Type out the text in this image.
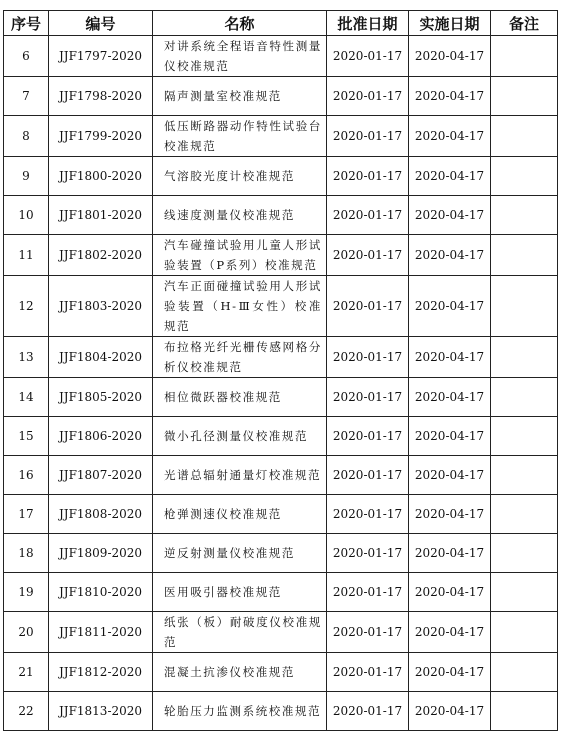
序号	编号	名称	批准日期	实施日期	备注
6	JJF1797-2020	对讲系统全程语音特性测量仪校准规范	2020-01-17	2020-04-17	
7	JJF1798-2020	隔声测量室校准规范	2020-01-17	2020-04-17	
8	JJF1799-2020	低压断路器动作特性试验台校准规范	2020-01-17	2020-04-17	
9	JJF1800-2020	气溶胶光度计校准规范	2020-01-17	2020-04-17	
10	JJF1801-2020	线速度测量仪校准规范	2020-01-17	2020-04-17	
11	JJF1802-2020	汽车碰撞试验用儿童人形试验装置（P系列）校准规范	2020-01-17	2020-04-17	
12	JJF1803-2020	汽车正面碰撞试验用人形试验装置（H-Ⅲ女性）校准规范	2020-01-17	2020-04-17	
13	JJF1804-2020	布拉格光纤光栅传感网格分析仪校准规范	2020-01-17	2020-04-17	
14	JJF1805-2020	相位微跃器校准规范	2020-01-17	2020-04-17	
15	JJF1806-2020	微小孔径测量仪校准规范	2020-01-17	2020-04-17	
16	JJF1807-2020	光谱总辐射通量灯校准规范	2020-01-17	2020-04-17	
17	JJF1808-2020	枪弹测速仪校准规范	2020-01-17	2020-04-17	
18	JJF1809-2020	逆反射测量仪校准规范	2020-01-17	2020-04-17	
19	JJF1810-2020	医用吸引器校准规范	2020-01-17	2020-04-17	
20	JJF1811-2020	纸张（板）耐破度仪校准规范	2020-01-17	2020-04-17	
21	JJF1812-2020	混凝土抗渗仪校准规范	2020-01-17	2020-04-17	
22	JJF1813-2020	轮胎压力监测系统校准规范	2020-01-17	2020-04-17	
